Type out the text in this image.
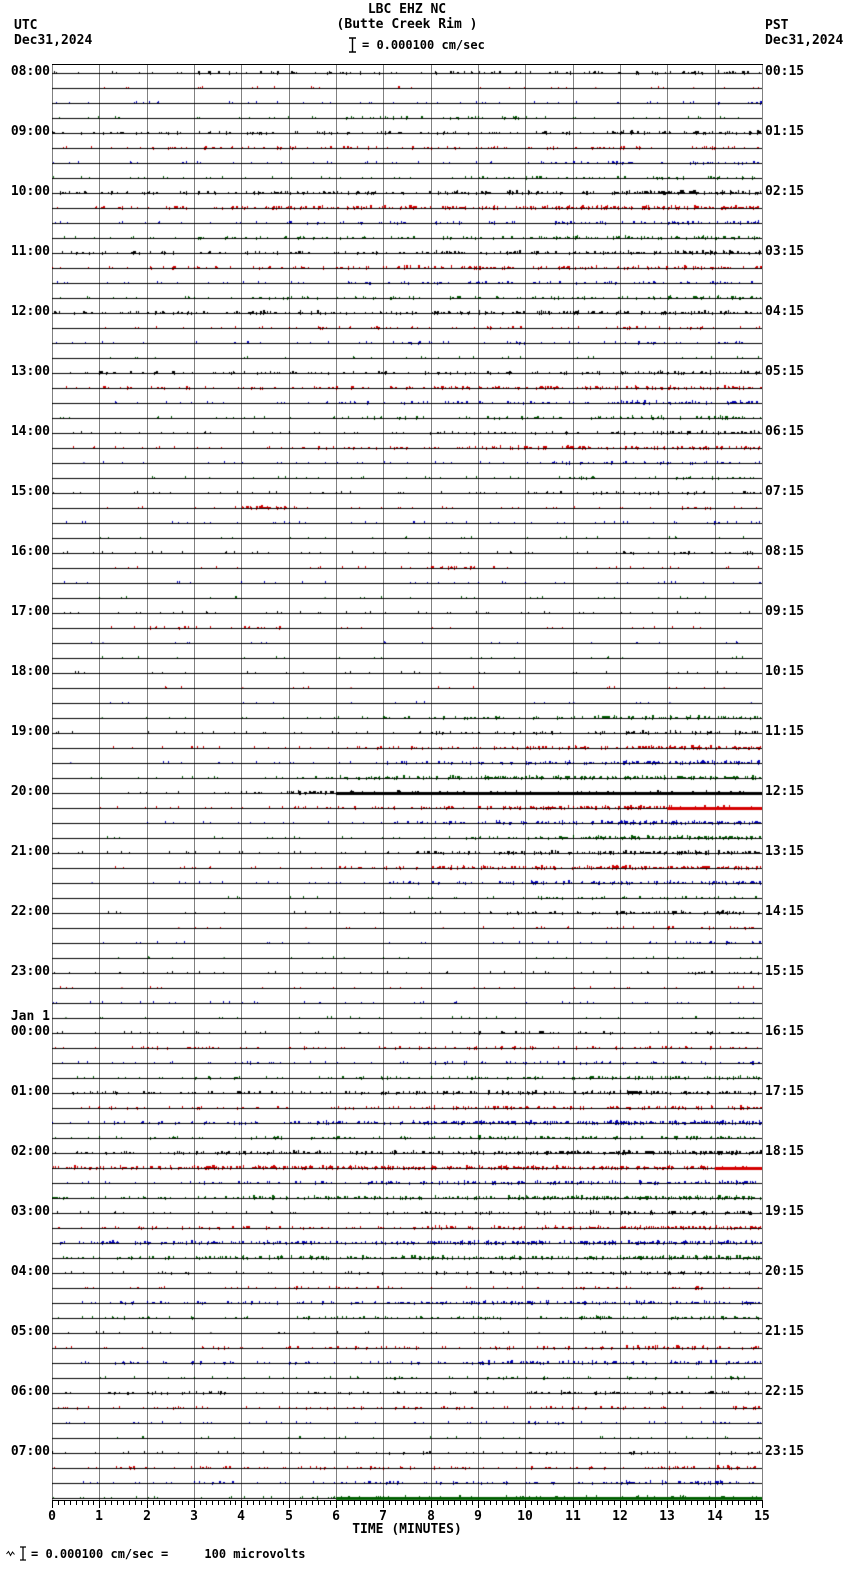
LBC EHZ NC
(Butte Creek Rim )
= 0.000100 cm/sec
UTC
Dec31,2024
PST
Dec31,2024
08:00
09:00
10:00
11:00
12:00
13:00
14:00
15:00
16:00
17:00
18:00
19:00
20:00
21:00
22:00
23:00
Jan 1
00:00
01:00
02:00
03:00
04:00
05:00
06:00
07:00
00:15
01:15
02:15
03:15
04:15
05:15
06:15
07:15
08:15
09:15
10:15
11:15
12:15
13:15
14:15
15:15
16:15
17:15
18:15
19:15
20:15
21:15
22:15
23:15
0	1	2	3	4	5	6	7	8	9	10	11	12	13	14	15
TIME (MINUTES)
= 0.000100 cm/sec =     100 microvolts
